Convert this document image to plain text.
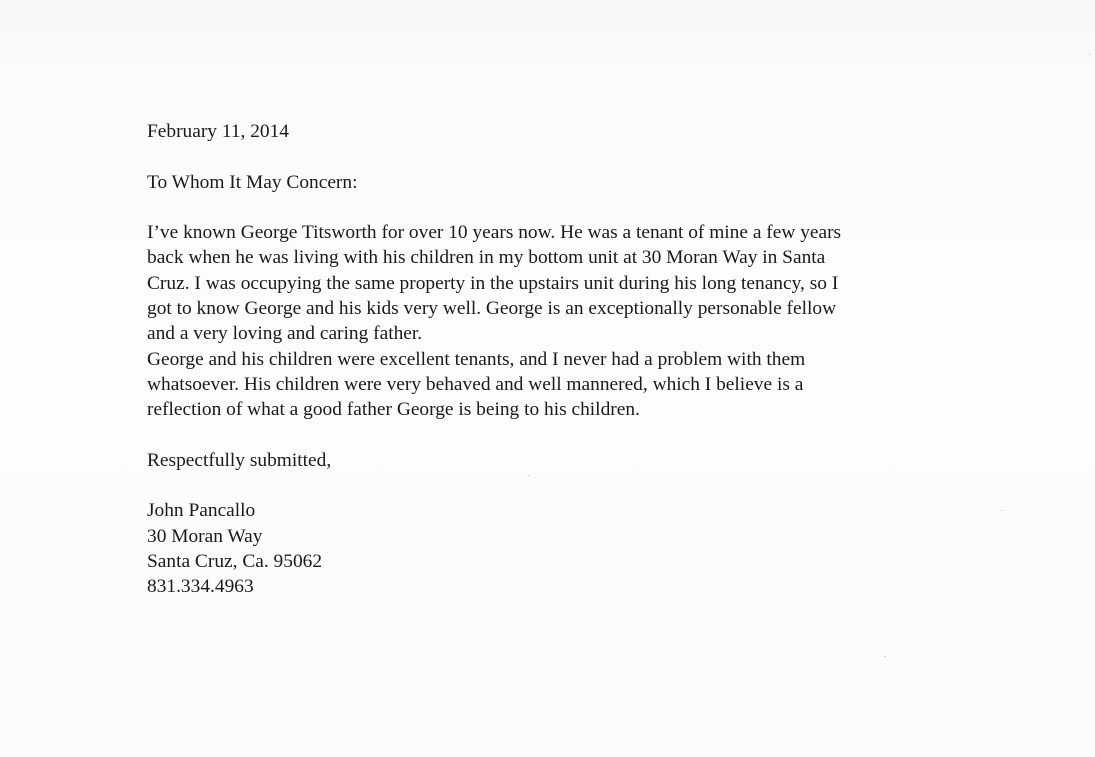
February 11, 2014
To Whom It May Concern:
I’ve known George Titsworth for over 10 years now. He was a tenant of mine a few years
back when he was living with his children in my bottom unit at 30 Moran Way in Santa
Cruz. I was occupying the same property in the upstairs unit during his long tenancy, so I
got to know George and his kids very well. George is an exceptionally personable fellow
and a very loving and caring father.
George and his children were excellent tenants, and I never had a problem with them
whatsoever. His children were very behaved and well mannered, which I believe is a
reflection of what a good father George is being to his children.
Respectfully submitted,
John Pancallo
30 Moran Way
Santa Cruz, Ca. 95062
831.334.4963
